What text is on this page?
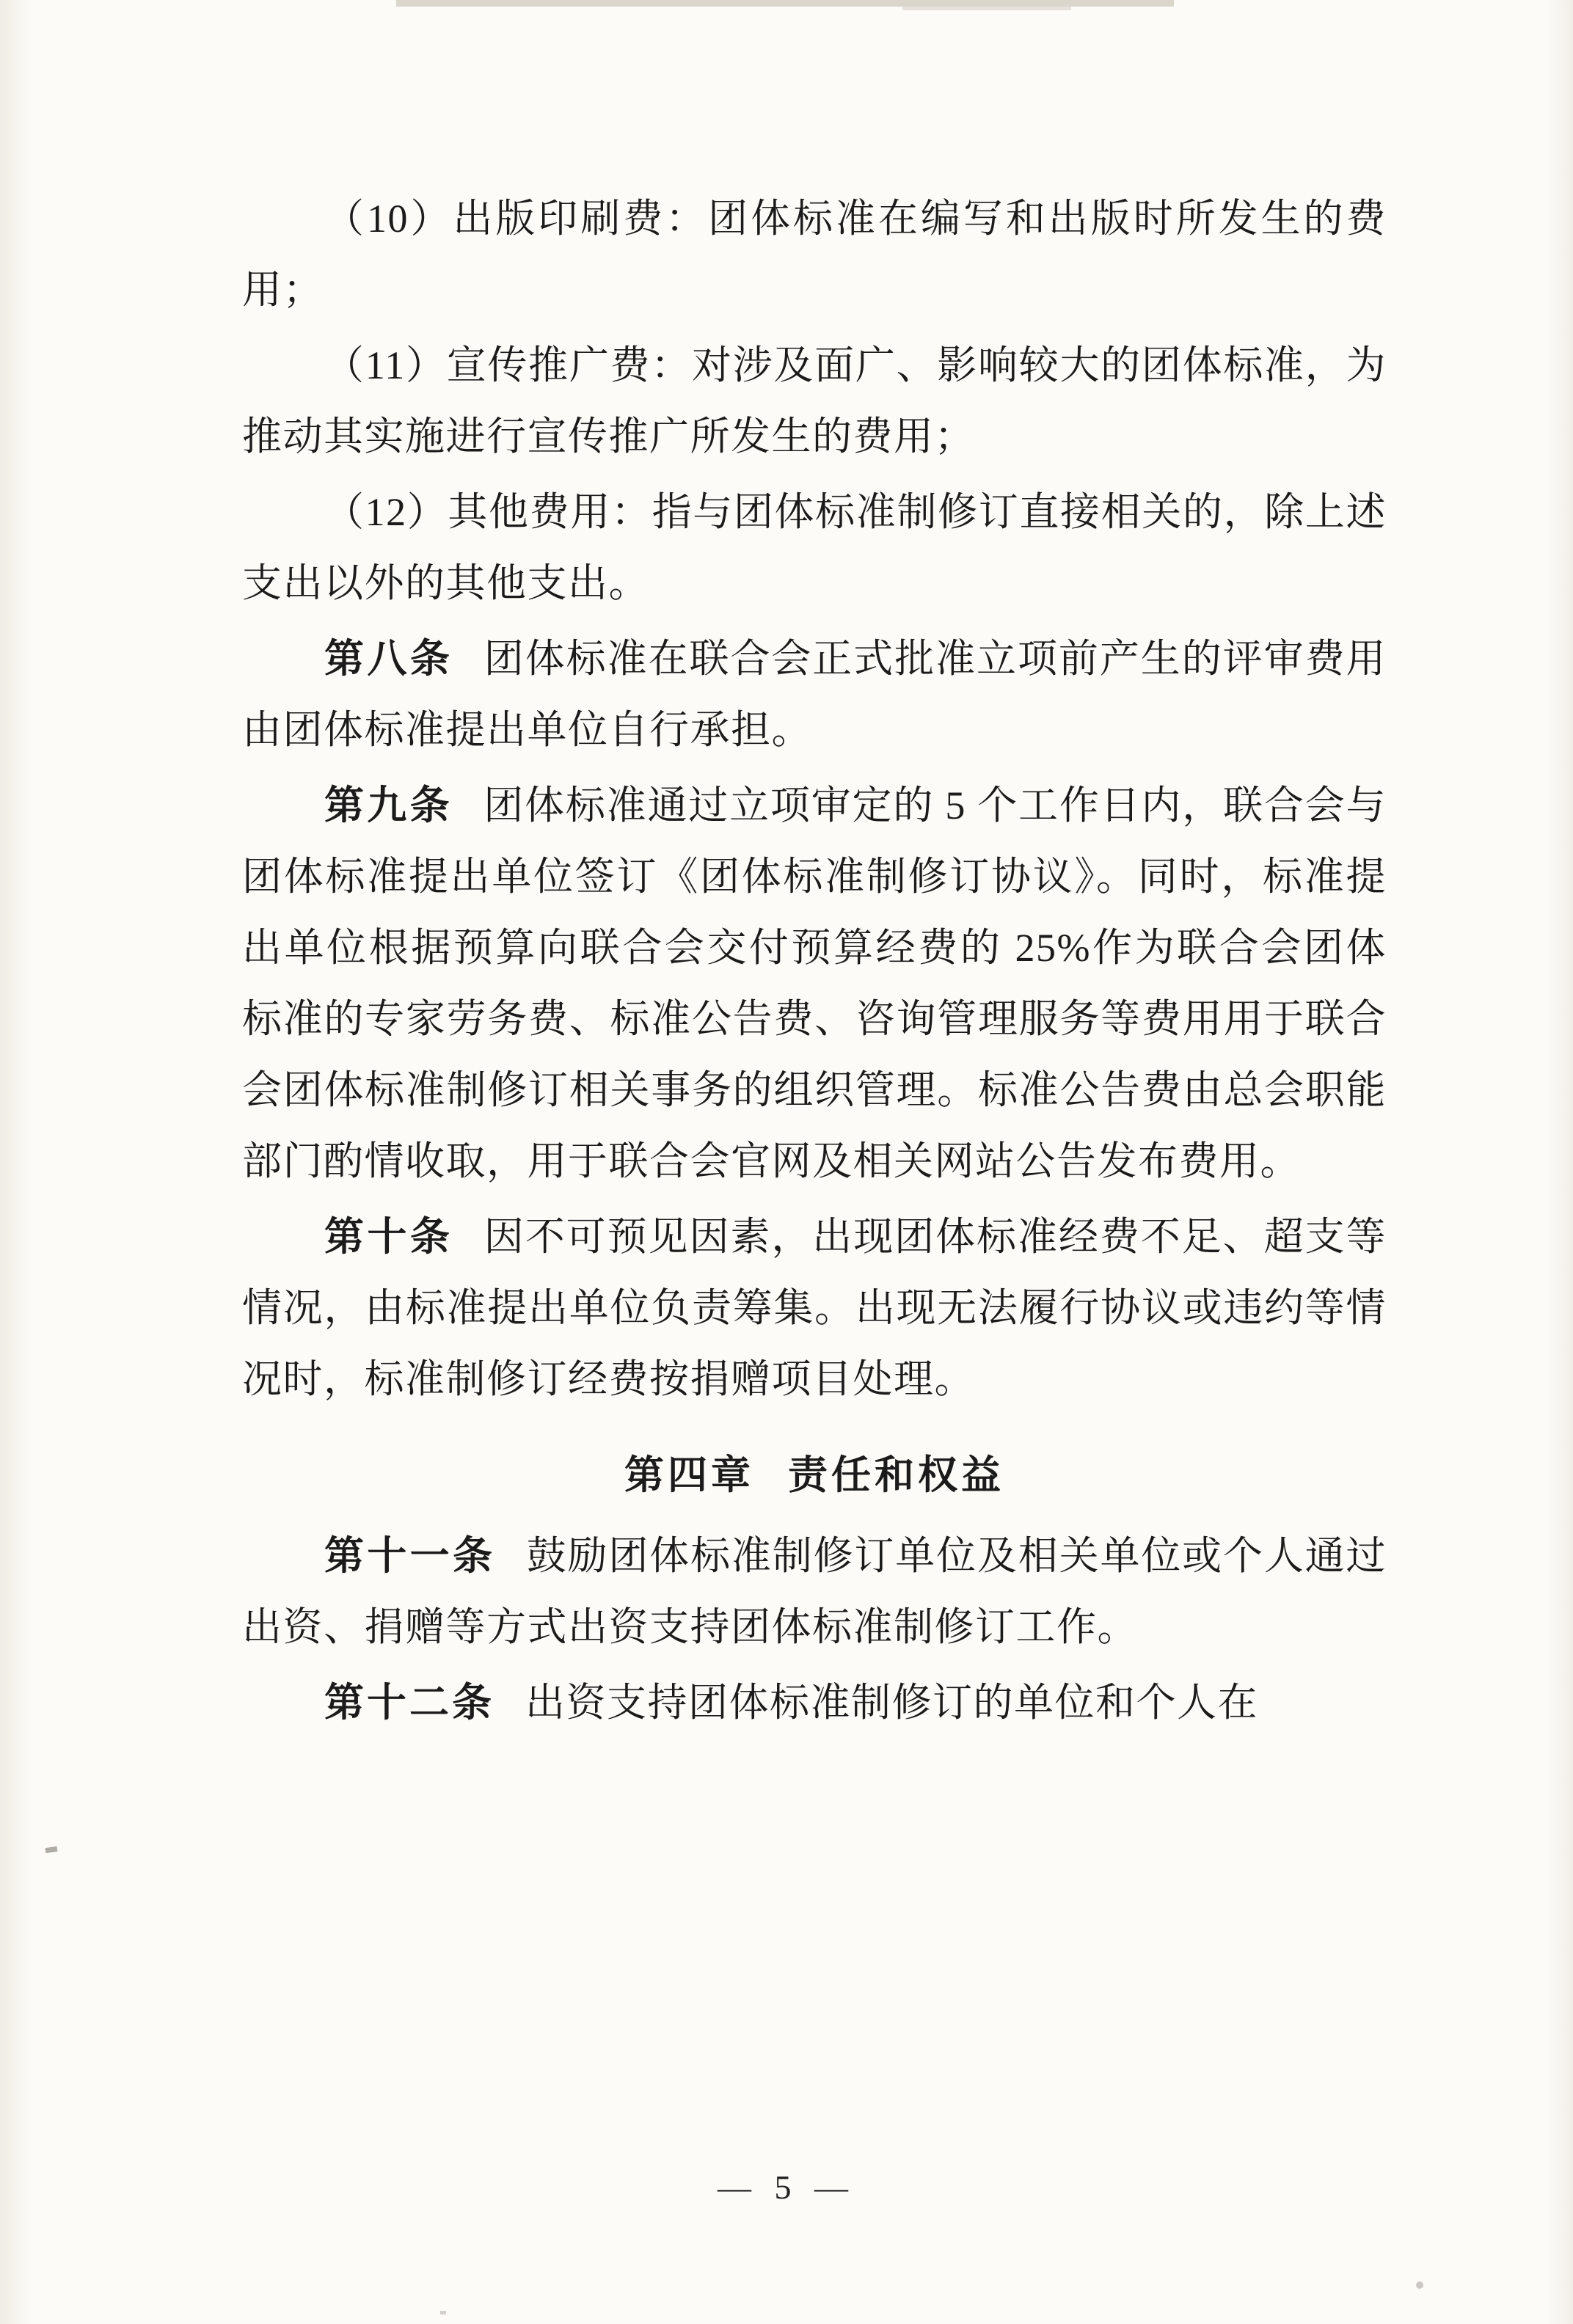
（10）出版印刷费：团体标准在编写和出版时所发生的费用；

（11）宣传推广费：对涉及面广、影响较大的团体标准，为推动其实施进行宣传推广所发生的费用；

（12）其他费用：指与团体标准制修订直接相关的，除上述支出以外的其他支出。

第八条 团体标准在联合会正式批准立项前产生的评审费用由团体标准提出单位自行承担。

第九条 团体标准通过立项审定的 5 个工作日内，联合会与团体标准提出单位签订《团体标准制修订协议》。同时，标准提出单位根据预算向联合会交付预算经费的 25%作为联合会团体标准的专家劳务费、标准公告费、咨询管理服务等费用用于联合会团体标准制修订相关事务的组织管理。标准公告费由总会职能部门酌情收取，用于联合会官网及相关网站公告发布费用。

第十条 因不可预见因素，出现团体标准经费不足、超支等情况，由标准提出单位负责筹集。出现无法履行协议或违约等情况时，标准制修订经费按捐赠项目处理。

第四章 责任和权益

第十一条 鼓励团体标准制修订单位及相关单位或个人通过出资、捐赠等方式出资支持团体标准制修订工作。

第十二条 出资支持团体标准制修订的单位和个人在

— 5 —
